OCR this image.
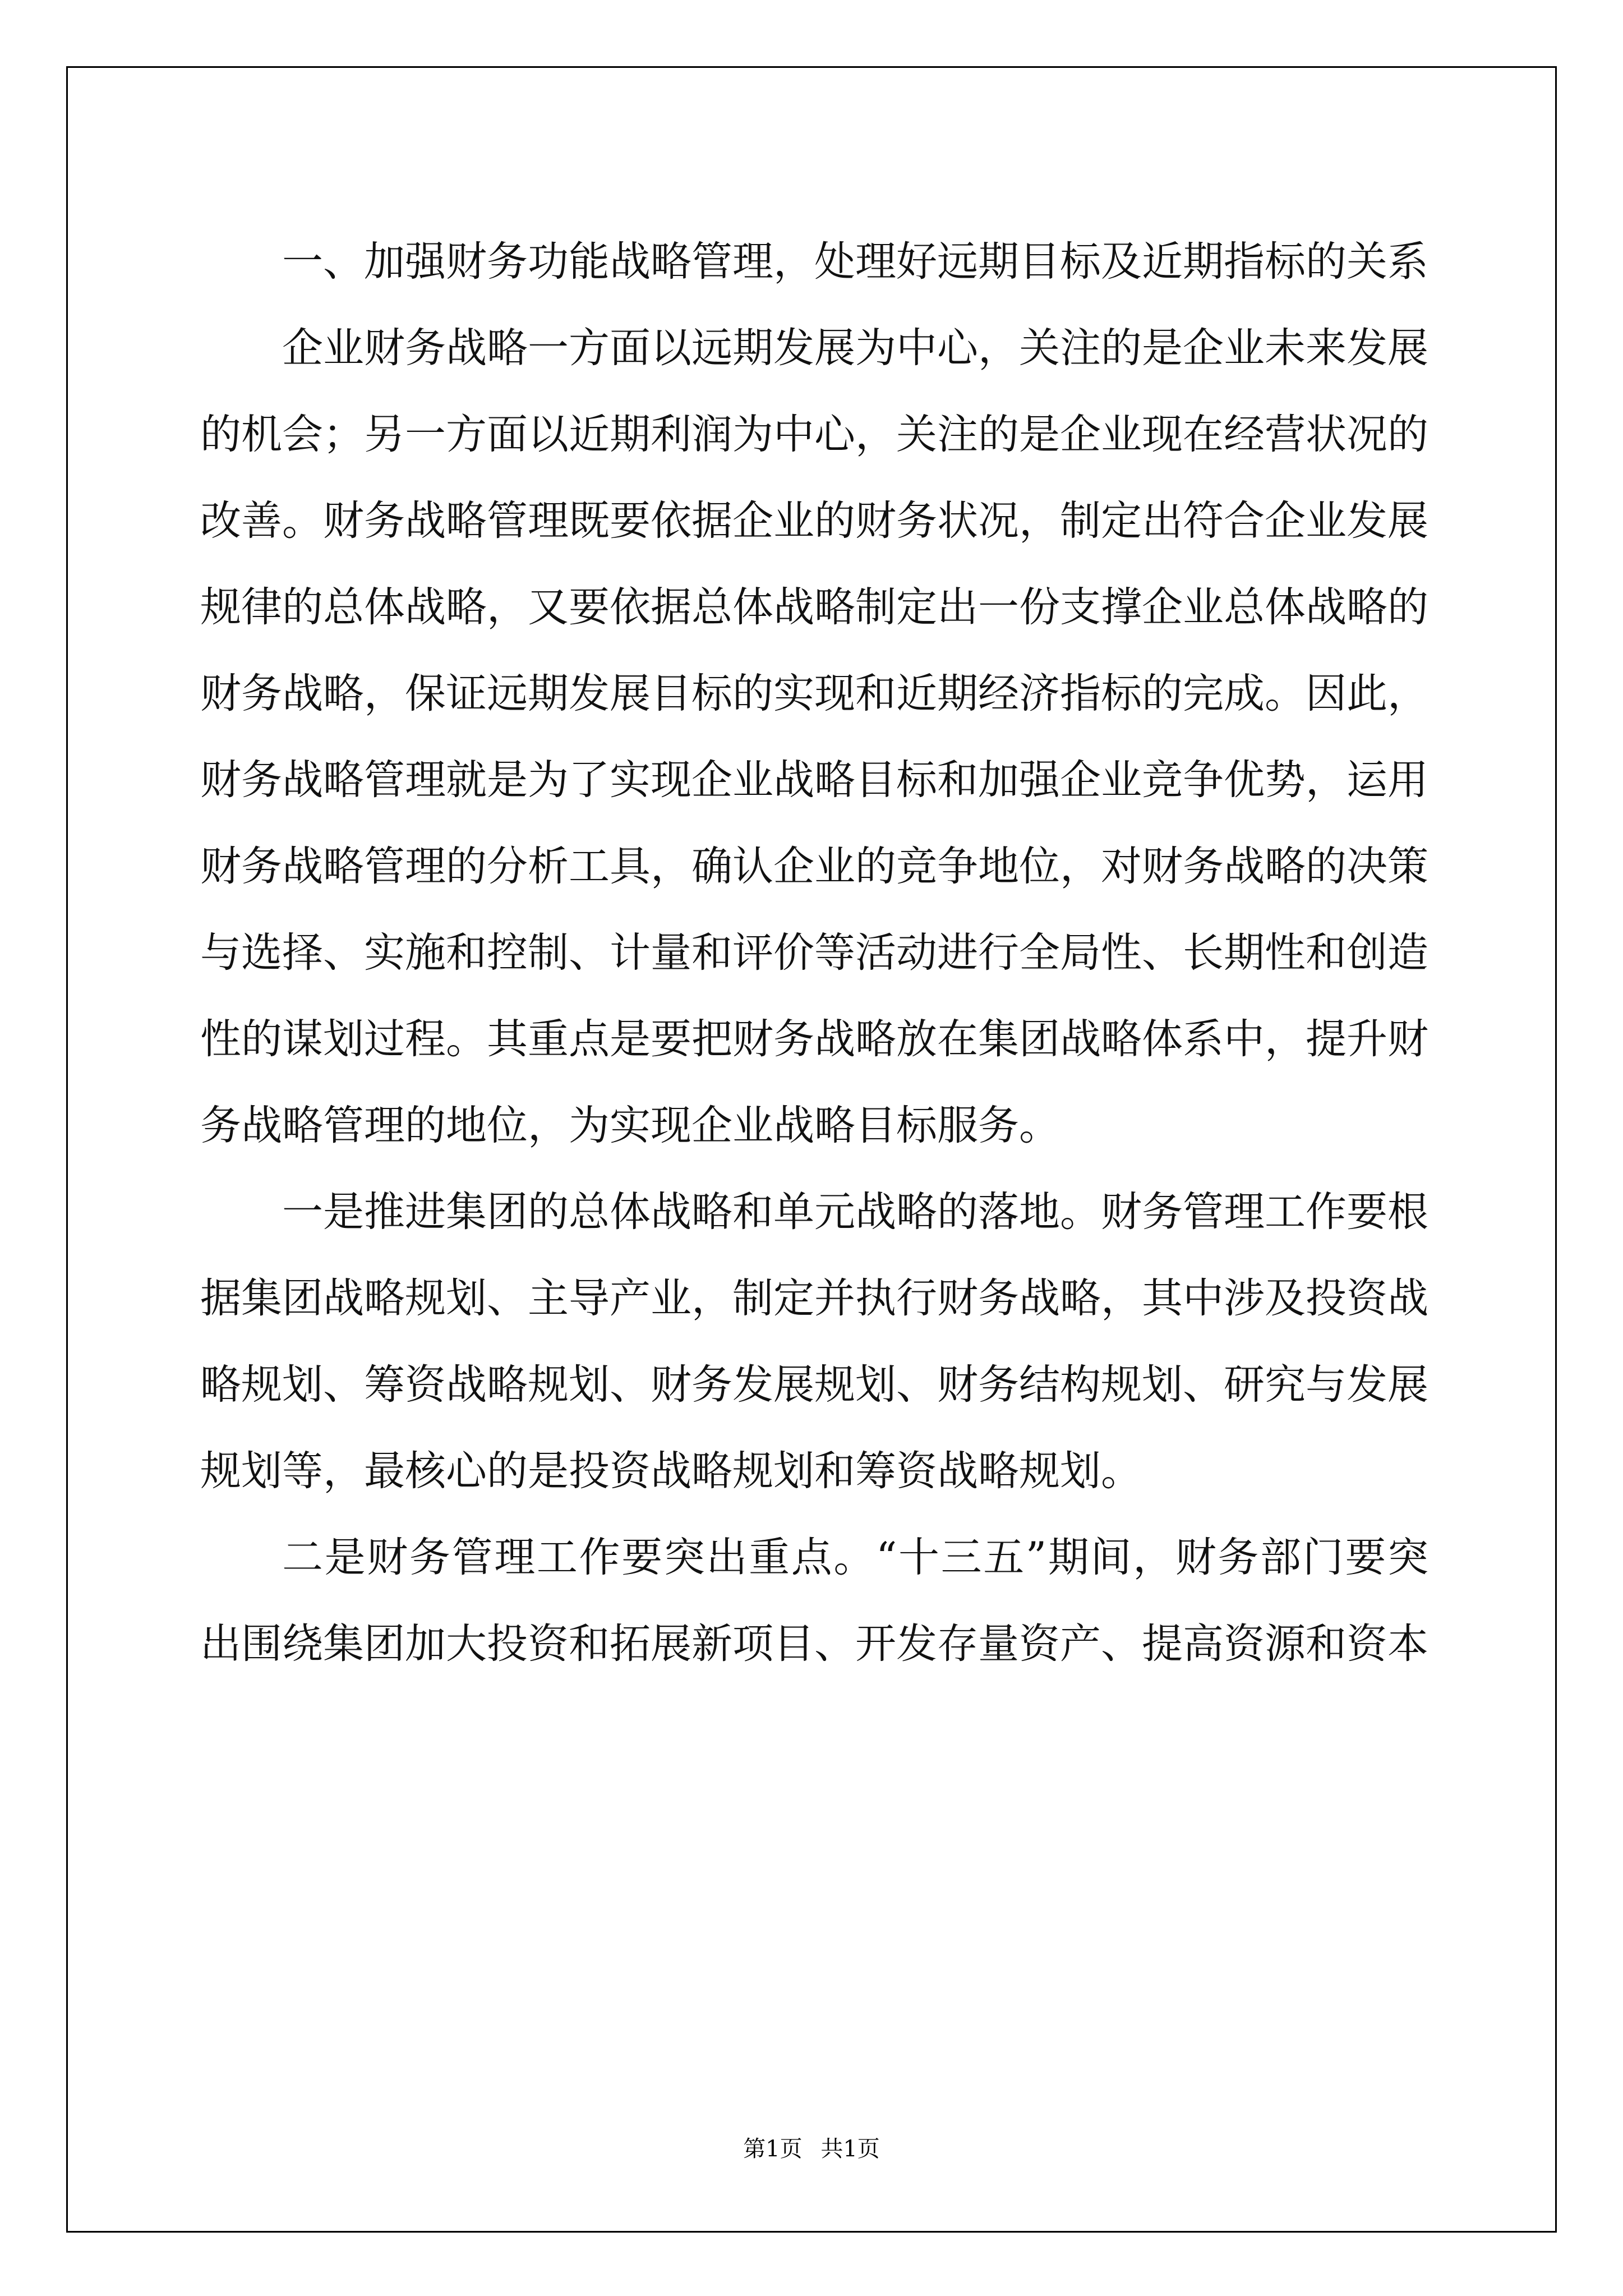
一、加强财务功能战略管理，处理好远期目标及近期指标的关系

企业财务战略一方面以远期发展为中心，关注的是企业未来发展的机会；另一方面以近期利润为中心，关注的是企业现在经营状况的改善。财务战略管理既要依据企业的财务状况，制定出符合企业发展规律的总体战略，又要依据总体战略制定出一份支撑企业总体战略的财务战略，保证远期发展目标的实现和近期经济指标的完成。因此，财务战略管理就是为了实现企业战略目标和加强企业竞争优势，运用财务战略管理的分析工具，确认企业的竞争地位，对财务战略的决策与选择、实施和控制、计量和评价等活动进行全局性、长期性和创造性的谋划过程。其重点是要把财务战略放在集团战略体系中，提升财务战略管理的地位，为实现企业战略目标服务。

一是推进集团的总体战略和单元战略的落地。财务管理工作要根据集团战略规划、主导产业，制定并执行财务战略，其中涉及投资战略规划、筹资战略规划、财务发展规划、财务结构规划、研究与发展规划等，最核心的是投资战略规划和筹资战略规划。

二是财务管理工作要突出重点。“十三五”期间，财务部门要突出围绕集团加大投资和拓展新项目、开发存量资产、提高资源和资本

第1页 共1页
